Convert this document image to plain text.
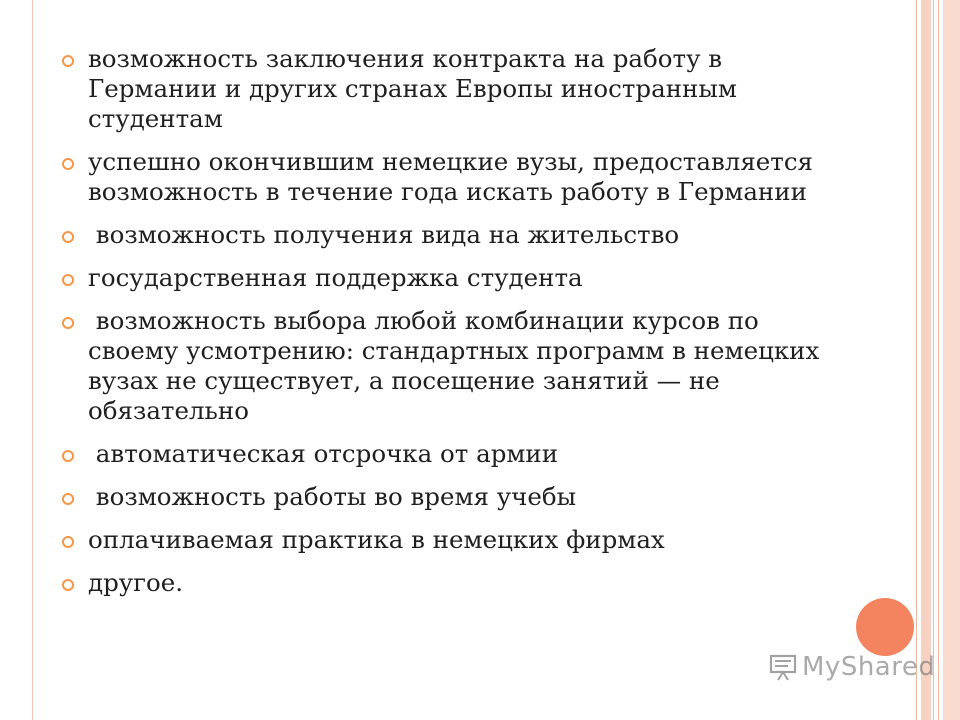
возможность заключения контракта на работу в Германии и других странах Европы иностранным студентам
успешно окончившим немецкие вузы, предоставляется возможность в течение года искать работу в Германии
возможность получения вида на жительство
государственная поддержка студента
возможность выбора любой комбинации курсов по своему усмотрению: стандартных программ в немецких вузах не существует, а посещение занятий — не обязательно
автоматическая отсрочка от армии
возможность работы во время учебы
оплачиваемая практика в немецких фирмах
другое.
MyShared
